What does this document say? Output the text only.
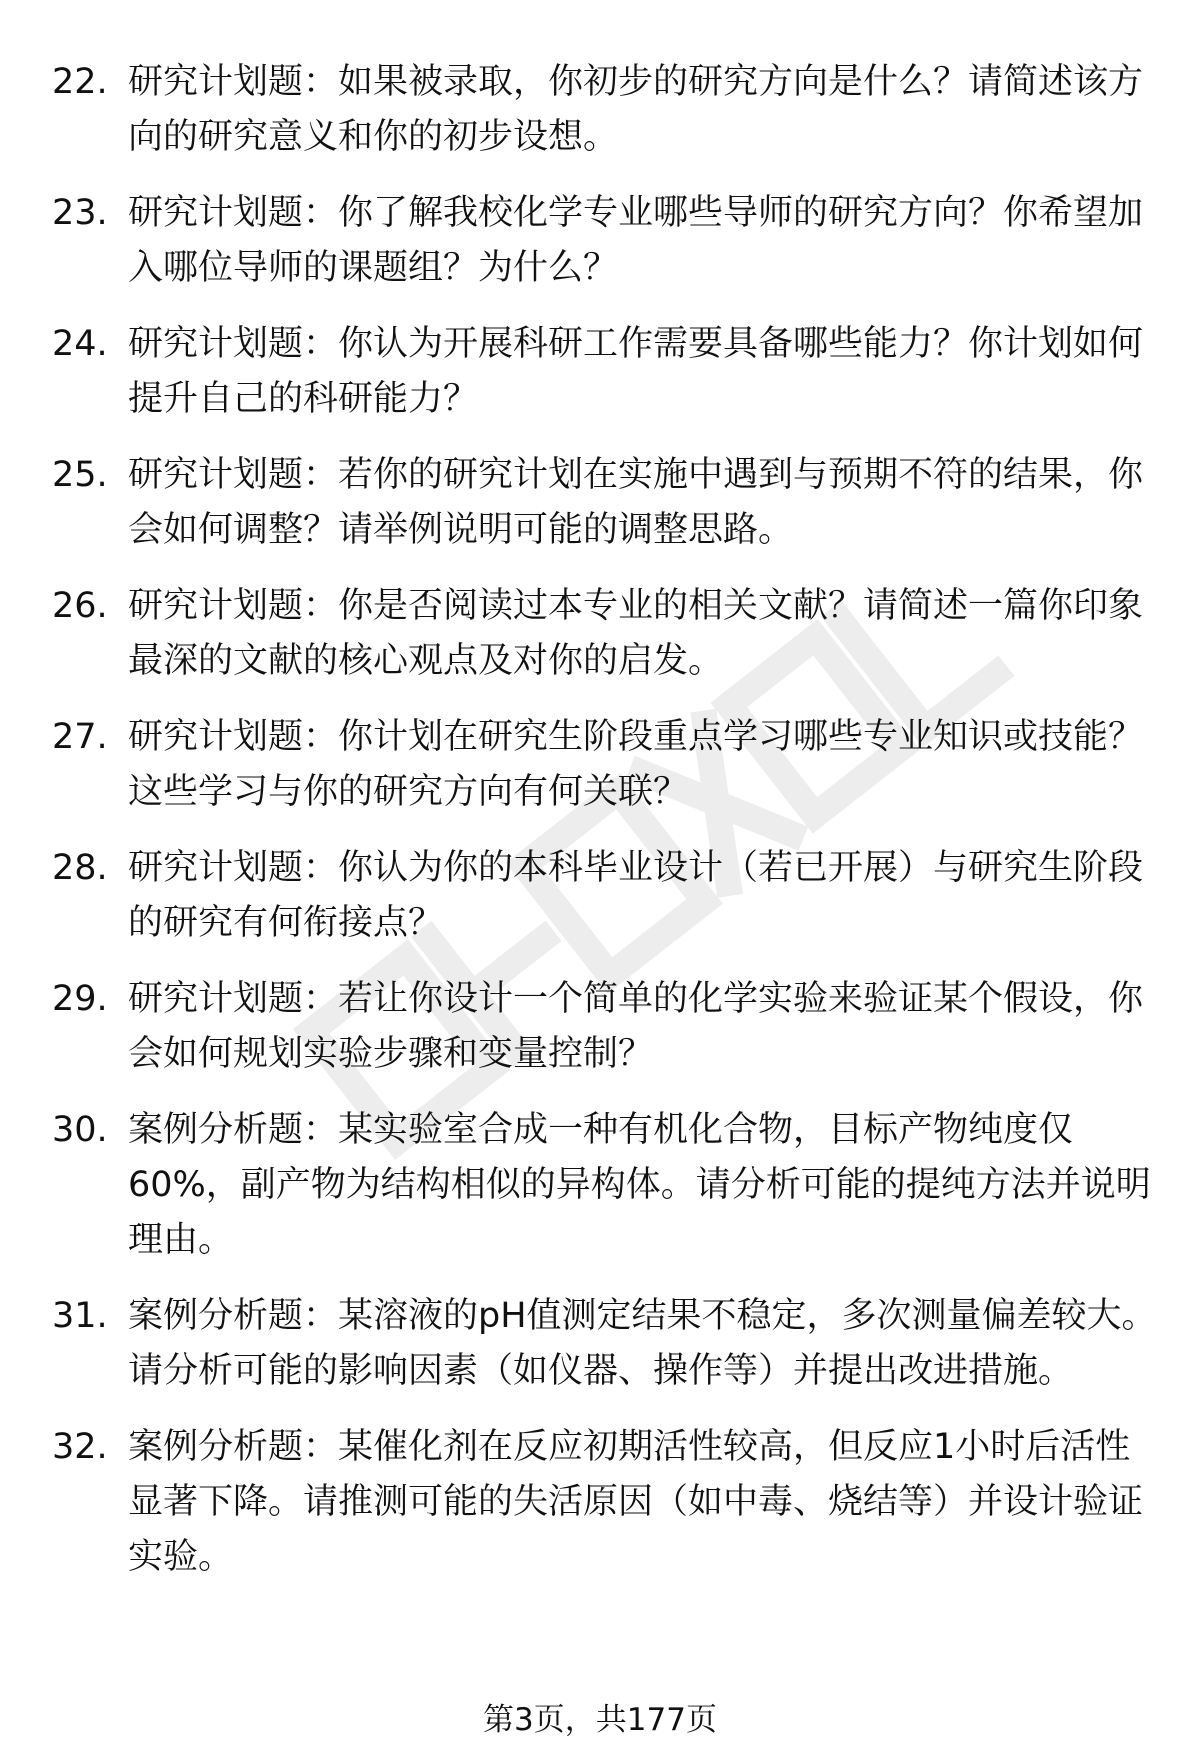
22. 研究计划题：如果被录取，你初步的研究方向是什么？请简述该方向的研究意义和你的初步设想。
23. 研究计划题：你了解我校化学专业哪些导师的研究方向？你希望加入哪位导师的课题组？为什么？
24. 研究计划题：你认为开展科研工作需要具备哪些能力？你计划如何提升自己的科研能力？
25. 研究计划题：若你的研究计划在实施中遇到与预期不符的结果，你会如何调整？请举例说明可能的调整思路。
26. 研究计划题：你是否阅读过本专业的相关文献？请简述一篇你印象最深的文献的核心观点及对你的启发。
27. 研究计划题：你计划在研究生阶段重点学习哪些专业知识或技能？这些学习与你的研究方向有何关联？
28. 研究计划题：你认为你的本科毕业设计（若已开展）与研究生阶段的研究有何衔接点？
29. 研究计划题：若让你设计一个简单的化学实验来验证某个假设，你会如何规划实验步骤和变量控制？
30. 案例分析题：某实验室合成一种有机化合物，目标产物纯度仅60%，副产物为结构相似的异构体。请分析可能的提纯方法并说明理由。
31. 案例分析题：某溶液的pH值测定结果不稳定，多次测量偏差较大。请分析可能的影响因素（如仪器、操作等）并提出改进措施。
32. 案例分析题：某催化剂在反应初期活性较高，但反应1小时后活性显著下降。请推测可能的失活原因（如中毒、烧结等）并设计验证实验。
第3页，共177页
